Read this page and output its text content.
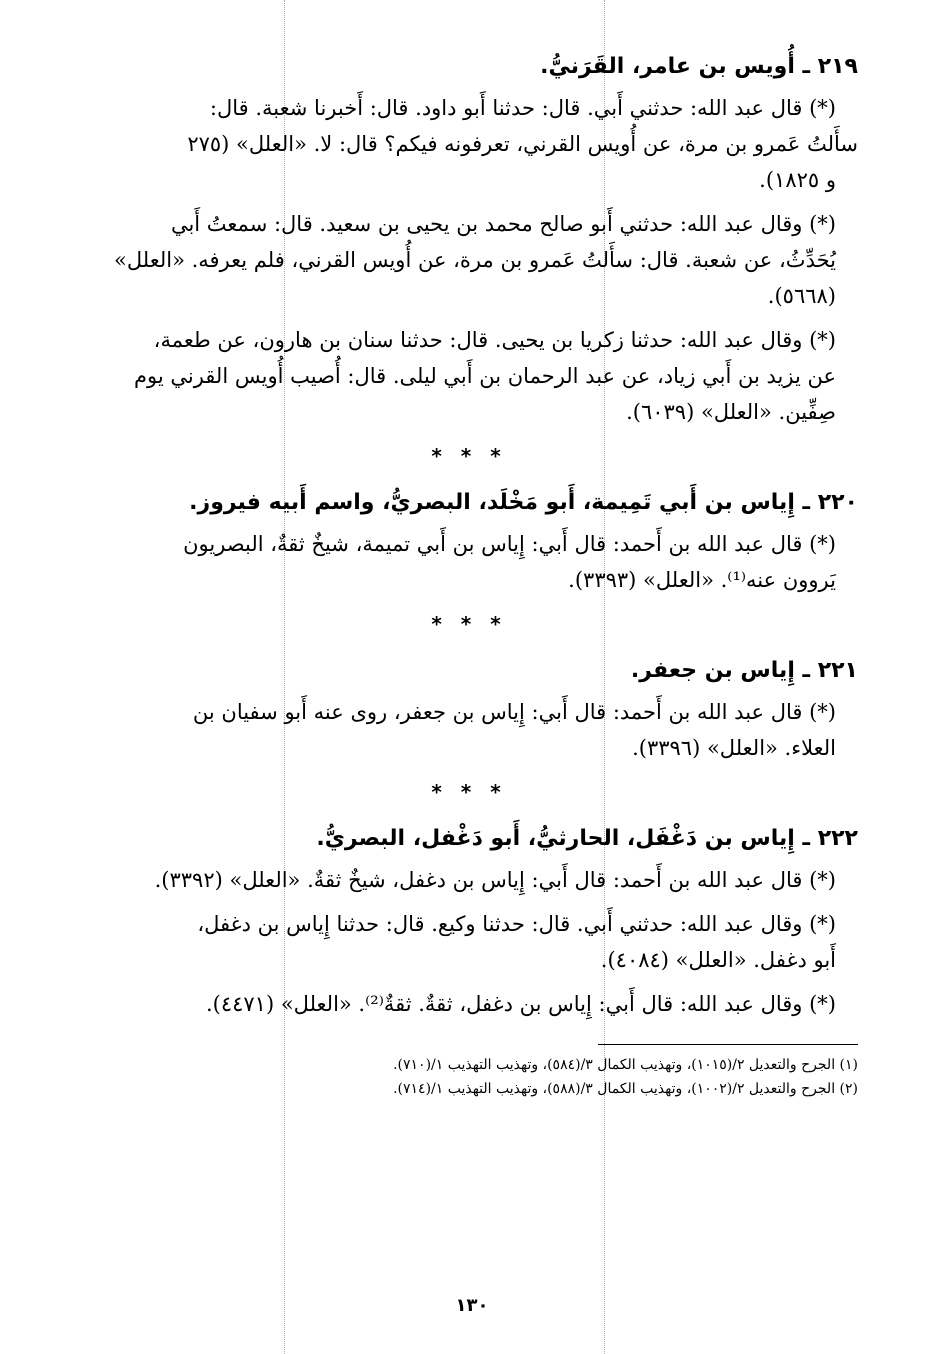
٢١٩ ـ أُويس بن عامر، القَرَنيُّ.
(*) قال عبد الله: حدثني أَبي. قال: حدثنا أَبو داود. قال: أَخبرنا شعبة. قال:
سأَلتُ عَمرو بن مرة، عن أُويس القرني، تعرفونه فيكم؟ قال: لا. «العلل» (٢٧٥
و ١٨٢٥).
(*) وقال عبد الله: حدثني أَبو صالح محمد بن يحيى بن سعيد. قال: سمعتُ أَبي
يُحَدِّثُ، عن شعبة. قال: سأَلتُ عَمرو بن مرة، عن أُويس القرني، فلم يعرفه. «العلل»
(٥٦٦٨).
(*) وقال عبد الله: حدثنا زكريا بن يحيى. قال: حدثنا سنان بن هارون، عن طعمة،
عن يزيد بن أَبي زياد، عن عبد الرحمان بن أَبي ليلى. قال: أُصيب أُويس القرني يوم
صِفِّين. «العلل» (٦٠٣٩).
* * *
٢٢٠ ـ إِياس بن أَبي تَمِيمة، أَبو مَخْلَد، البصريُّ، واسم أَبيه فيروز.
(*) قال عبد الله بن أَحمد: قال أَبي: إِياس بن أَبي تميمة، شيخٌ ثقةٌ، البصريون
يَروون عنه⁽¹⁾. «العلل» (٣٣٩٣).
* * *
٢٢١ ـ إِياس بن جعفر.
(*) قال عبد الله بن أَحمد: قال أَبي: إِياس بن جعفر، روى عنه أَبو سفيان بن
العلاء. «العلل» (٣٣٩٦).
* * *
٢٢٢ ـ إِياس بن دَغْفَل، الحارثيُّ، أَبو دَغْفل، البصريُّ.
(*) قال عبد الله بن أَحمد: قال أَبي: إِياس بن دغفل، شيخٌ ثقةٌ. «العلل» (٣٣٩٢).
(*) وقال عبد الله: حدثني أَبي. قال: حدثنا وكيع. قال: حدثنا إِياس بن دغفل،
أَبو دغفل. «العلل» (٤٠٨٤).
(*) وقال عبد الله: قال أَبي: إِياس بن دغفل، ثقةٌ. ثقةٌ⁽²⁾. «العلل» (٤٤٧١).
(١) الجرح والتعديل ٢/(١٠١٥)، وتهذيب الكمال ٣/(٥٨٤)، وتهذيب التهذيب ١/(٧١٠).
(٢) الجرح والتعديل ٢/(١٠٠٢)، وتهذيب الكمال ٣/(٥٨٨)، وتهذيب التهذيب ١/(٧١٤).
١٣٠
